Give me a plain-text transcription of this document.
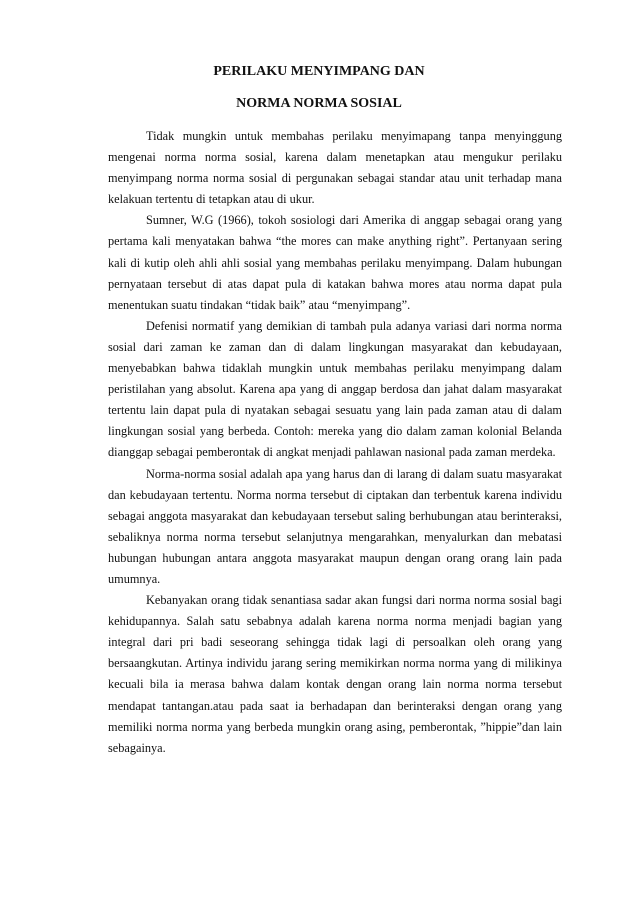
PERILAKU MENYIMPANG DAN
NORMA NORMA SOSIAL

Tidak mungkin untuk membahas perilaku menyimapang tanpa menyinggung mengenai norma norma sosial, karena dalam menetapkan atau mengukur perilaku menyimpang norma norma sosial di pergunakan sebagai standar atau unit terhadap mana kelakuan tertentu di tetapkan atau di ukur.

Sumner, W.G (1966), tokoh sosiologi dari Amerika di anggap sebagai orang yang pertama kali menyatakan bahwa “the mores can make anything right”. Pertanyaan sering kali di kutip oleh ahli ahli sosial yang membahas perilaku menyimpang. Dalam hubungan pernyataan tersebut di atas dapat pula di katakan bahwa mores atau norma dapat pula menentukan suatu tindakan “tidak baik” atau “menyimpang”.

Defenisi normatif yang demikian di tambah pula adanya variasi dari norma norma sosial dari zaman ke zaman dan di dalam lingkungan masyarakat dan kebudayaan, menyebabkan bahwa tidaklah mungkin untuk membahas perilaku menyimpang dalam peristilahan yang absolut. Karena apa yang di anggap berdosa dan jahat dalam masyarakat tertentu lain dapat pula di nyatakan sebagai sesuatu yang lain pada zaman atau di dalam lingkungan sosial yang berbeda. Contoh: mereka yang dio dalam zaman kolonial Belanda dianggap sebagai pemberontak di angkat menjadi pahlawan nasional pada zaman merdeka.

Norma-norma sosial adalah apa yang harus dan di larang di dalam suatu masyarakat dan kebudayaan tertentu. Norma norma tersebut di ciptakan dan terbentuk karena individu sebagai anggota masyarakat dan kebudayaan tersebut saling berhubungan atau berinteraksi, sebaliknya norma norma tersebut selanjutnya mengarahkan, menyalurkan dan mebatasi hubungan hubungan antara anggota masyarakat maupun dengan orang orang lain pada umumnya.

Kebanyakan orang tidak senantiasa sadar akan fungsi dari norma norma sosial bagi kehidupannya. Salah satu sebabnya adalah karena norma norma menjadi bagian yang integral dari pri badi seseorang sehingga tidak lagi di persoalkan oleh orang yang bersaangkutan. Artinya individu jarang sering memikirkan norma norma yang di milikinya kecuali bila ia merasa bahwa dalam kontak dengan orang lain norma norma tersebut mendapat tantangan.atau pada saat ia berhadapan dan berinteraksi dengan orang yang memiliki norma norma yang berbeda mungkin orang asing, pemberontak, ”hippie”dan lain sebagainya.
